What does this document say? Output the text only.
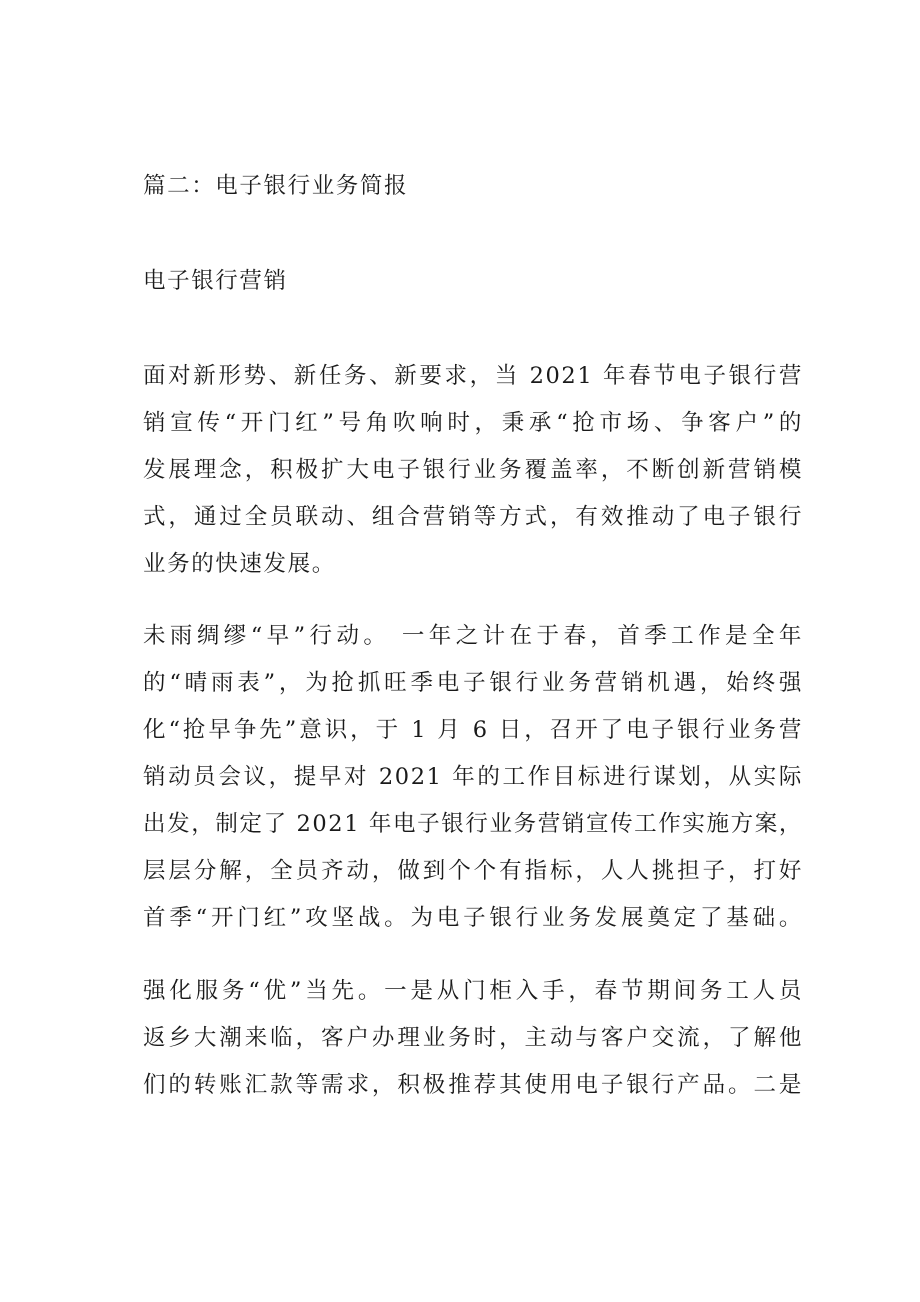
篇二：电子银行业务简报
电子银行营销
面对新形势、新任务、新要求，当 2021 年春节电子银行营
销宣传“开门红”号角吹响时，秉承“抢市场、争客户”的
发展理念，积极扩大电子银行业务覆盖率，不断创新营销模
式，通过全员联动、组合营销等方式，有效推动了电子银行
业务的快速发展。
未雨绸缪“早”行动。 一年之计在于春，首季工作是全年
的“晴雨表”，为抢抓旺季电子银行业务营销机遇，始终强
化“抢早争先”意识，于 1 月 6 日，召开了电子银行业务营
销动员会议，提早对 2021 年的工作目标进行谋划，从实际
出发，制定了 2021 年电子银行业务营销宣传工作实施方案，
层层分解，全员齐动，做到个个有指标，人人挑担子，打好
首季“开门红”攻坚战。为电子银行业务发展奠定了基础。
强化服务“优”当先。一是从门柜入手，春节期间务工人员
返乡大潮来临，客户办理业务时，主动与客户交流，了解他
们的转账汇款等需求，积极推荐其使用电子银行产品。二是
